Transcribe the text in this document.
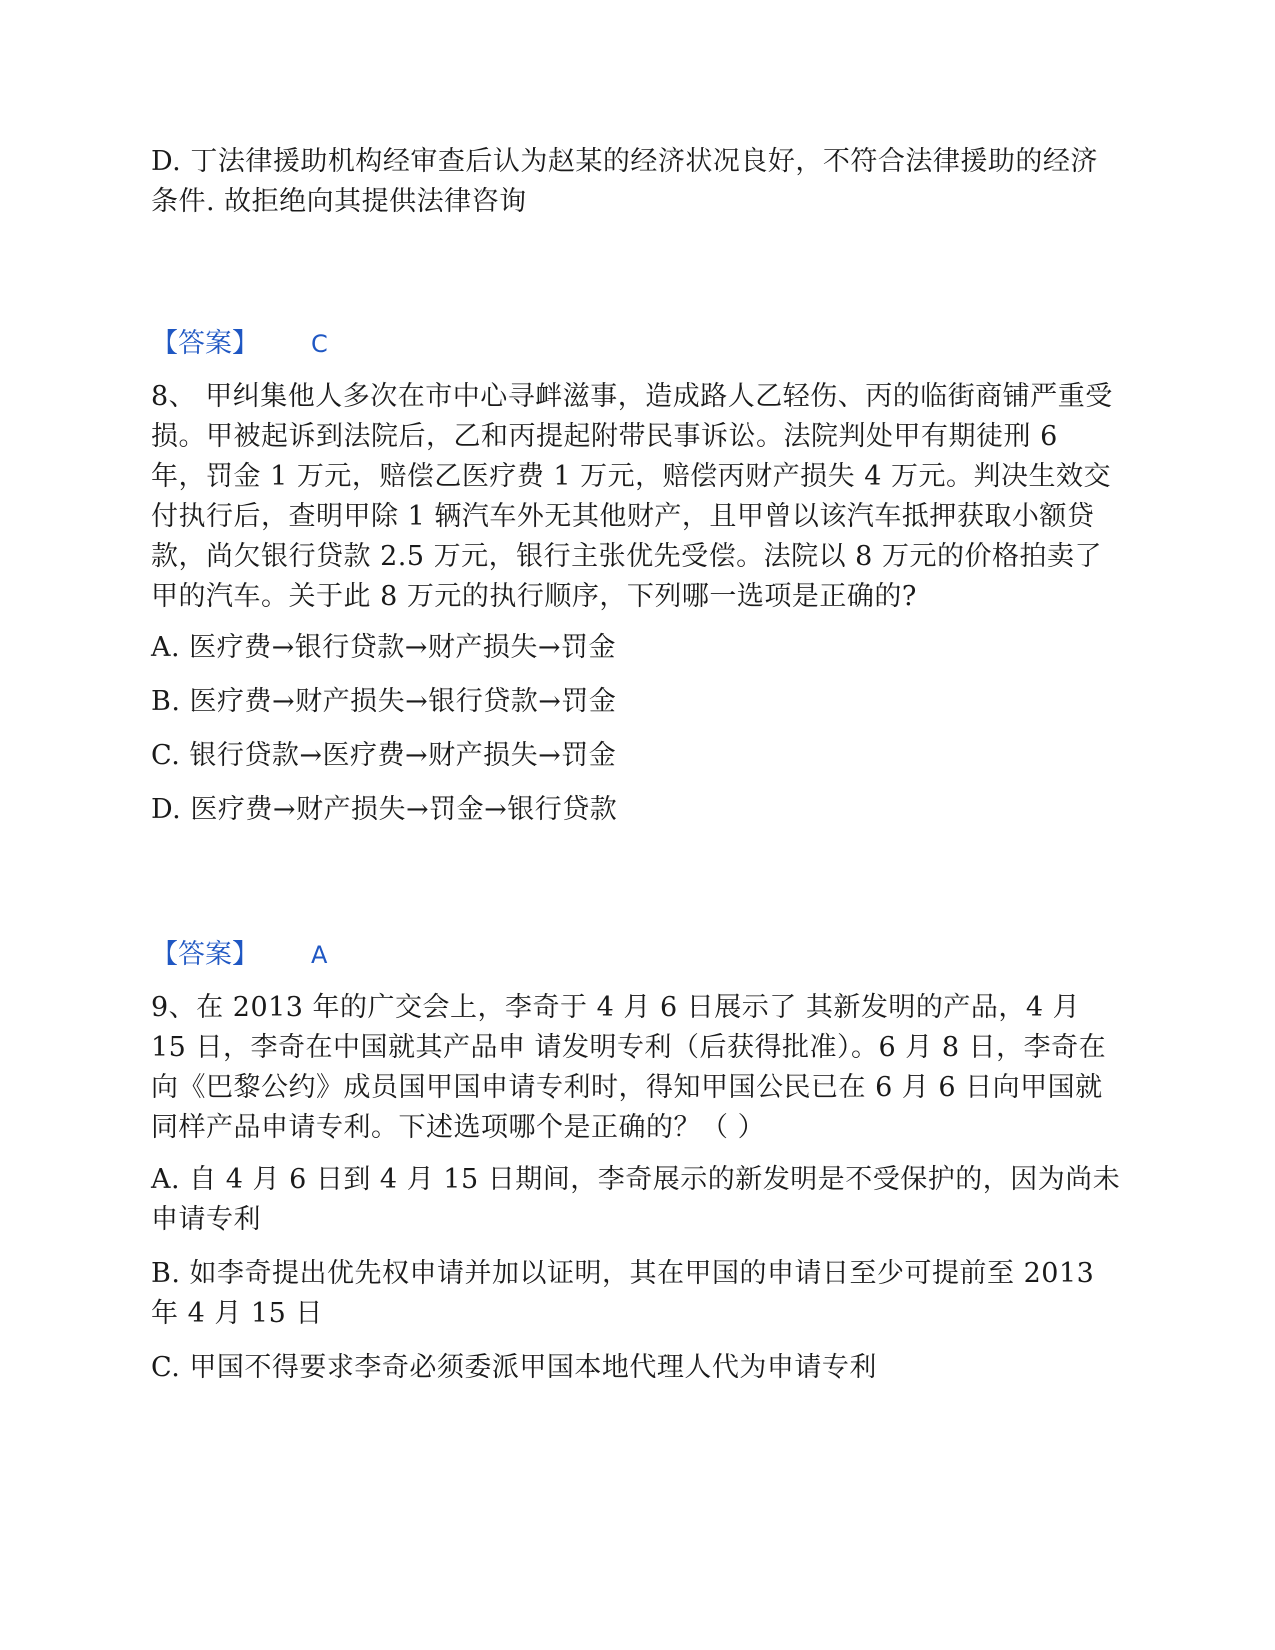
D. 丁法律援助机构经审查后认为赵某的经济状况良好，不符合法律援助的经济条件. 故拒绝向其提供法律咨询

【答案】 C

8、 甲纠集他人多次在市中心寻衅滋事，造成路人乙轻伤、丙的临街商铺严重受损。甲被起诉到法院后，乙和丙提起附带民事诉讼。法院判处甲有期徒刑 6 年，罚金 1 万元，赔偿乙医疗费 1 万元，赔偿丙财产损失 4 万元。判决生效交付执行后，查明甲除 1 辆汽车外无其他财产，且甲曾以该汽车抵押获取小额贷款，尚欠银行贷款 2.5 万元，银行主张优先受偿。法院以 8 万元的价格拍卖了甲的汽车。关于此 8 万元的执行顺序，下列哪一选项是正确的?

A. 医疗费→银行贷款→财产损失→罚金

B. 医疗费→财产损失→银行贷款→罚金

C. 银行贷款→医疗费→财产损失→罚金

D. 医疗费→财产损失→罚金→银行贷款

【答案】 A

9、在 2013 年的广交会上，李奇于 4 月 6 日展示了 其新发明的产品，4 月 15 日，李奇在中国就其产品申 请发明专利（后获得批准）。6 月 8 日，李奇在向《巴黎公约》成员国甲国申请专利时，得知甲国公民已在 6 月 6 日向甲国就同样产品申请专利。下述选项哪个是正确的？（ ）

A. 自 4 月 6 日到 4 月 15 日期间，李奇展示的新发明是不受保护的，因为尚未申请专利

B. 如李奇提出优先权申请并加以证明，其在甲国的申请日至少可提前至 2013 年 4 月 15 日

C. 甲国不得要求李奇必须委派甲国本地代理人代为申请专利
